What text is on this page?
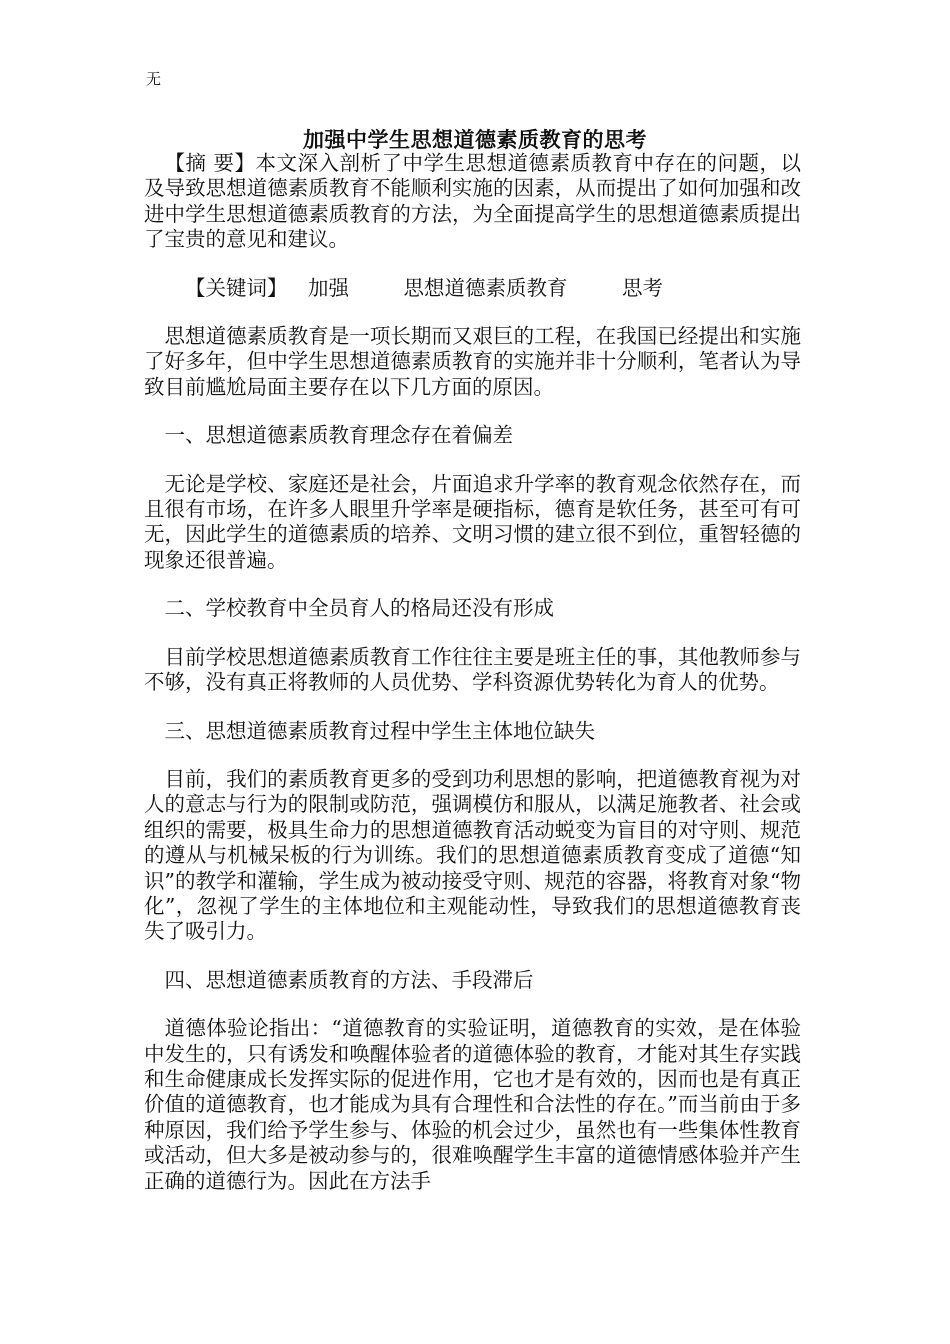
无
加强中学生思想道德素质教育的思考

【摘 要】本文深入剖析了中学生思想道德素质教育中存在的问题，以及导致思想道德素质教育不能顺利实施的因素，从而提出了如何加强和改进中学生思想道德素质教育的方法，为全面提高学生的思想道德素质提出了宝贵的意见和建议。

【关键词】 加强	思想道德素质教育	思考

思想道德素质教育是一项长期而又艰巨的工程，在我国已经提出和实施了好多年，但中学生思想道德素质教育的实施并非十分顺利，笔者认为导致目前尴尬局面主要存在以下几方面的原因。

一、思想道德素质教育理念存在着偏差

无论是学校、家庭还是社会，片面追求升学率的教育观念依然存在，而且很有市场，在许多人眼里升学率是硬指标，德育是软任务，甚至可有可无，因此学生的道德素质的培养、文明习惯的建立很不到位，重智轻德的现象还很普遍。

二、学校教育中全员育人的格局还没有形成

目前学校思想道德素质教育工作往往主要是班主任的事，其他教师参与不够，没有真正将教师的人员优势、学科资源优势转化为育人的优势。

三、思想道德素质教育过程中学生主体地位缺失

目前，我们的素质教育更多的受到功利思想的影响，把道德教育视为对人的意志与行为的限制或防范，强调模仿和服从，以满足施教者、社会或组织的需要，极具生命力的思想道德教育活动蜕变为盲目的对守则、规范的遵从与机械呆板的行为训练。我们的思想道德素质教育变成了道德“知识”的教学和灌输，学生成为被动接受守则、规范的容器，将教育对象“物化”，忽视了学生的主体地位和主观能动性，导致我们的思想道德教育丧失了吸引力。

四、思想道德素质教育的方法、手段滞后

道德体验论指出：“道德教育的实验证明，道德教育的实效，是在体验中发生的，只有诱发和唤醒体验者的道德体验的教育，才能对其生存实践和生命健康成长发挥实际的促进作用，它也才是有效的，因而也是有真正价值的道德教育，也才能成为具有合理性和合法性的存在。”而当前由于多种原因，我们给予学生参与、体验的机会过少，虽然也有一些集体性教育或活动，但大多是被动参与的，很难唤醒学生丰富的道德情感体验并产生正确的道德行为。因此在方法手
